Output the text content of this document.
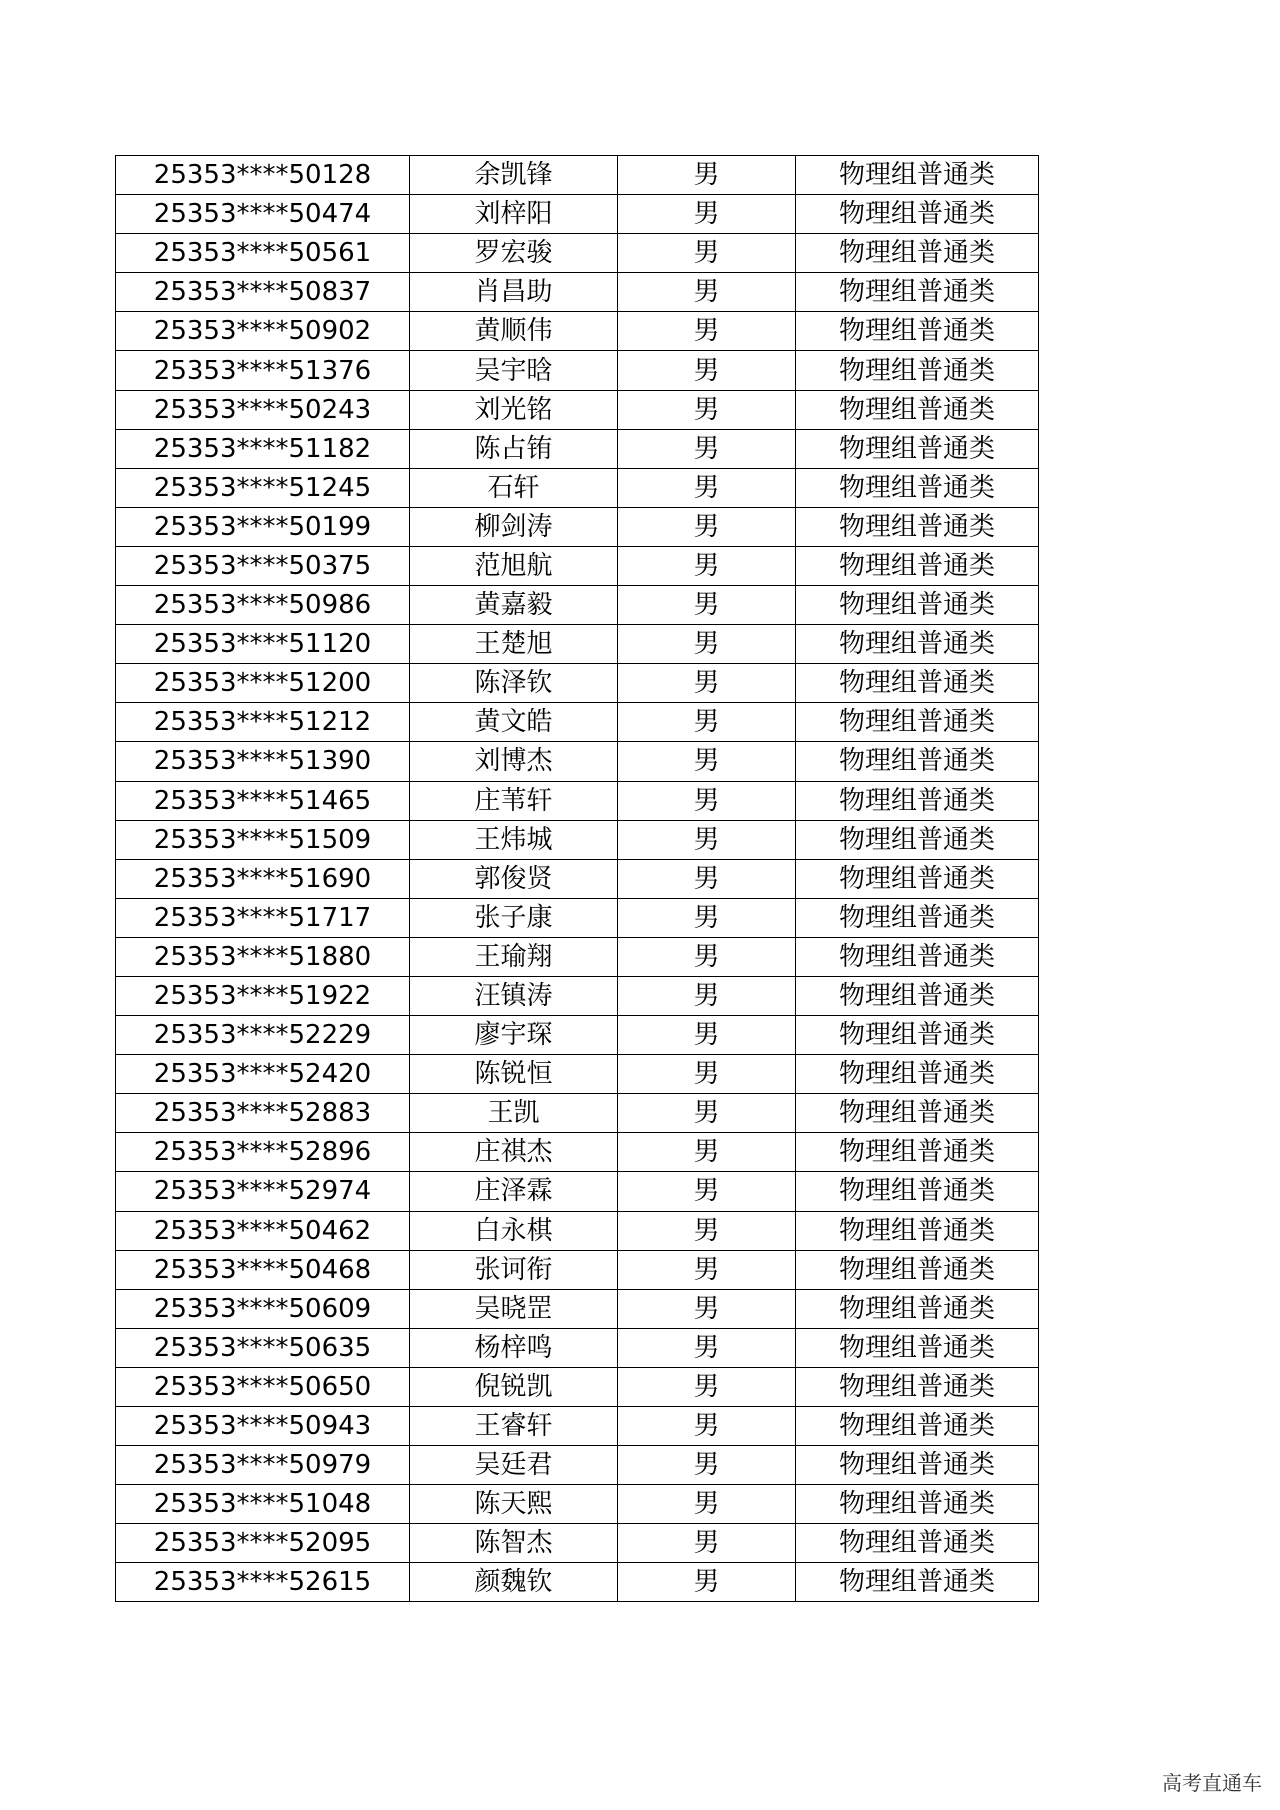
25353****50128	余凯锋	男	物理组普通类
25353****50474	刘梓阳	男	物理组普通类
25353****50561	罗宏骏	男	物理组普通类
25353****50837	肖昌助	男	物理组普通类
25353****50902	黄顺伟	男	物理组普通类
25353****51376	吴宇晗	男	物理组普通类
25353****50243	刘光铭	男	物理组普通类
25353****51182	陈占铕	男	物理组普通类
25353****51245	石轩	男	物理组普通类
25353****50199	柳剑涛	男	物理组普通类
25353****50375	范旭航	男	物理组普通类
25353****50986	黄嘉毅	男	物理组普通类
25353****51120	王楚旭	男	物理组普通类
25353****51200	陈泽钦	男	物理组普通类
25353****51212	黄文皓	男	物理组普通类
25353****51390	刘博杰	男	物理组普通类
25353****51465	庄苇轩	男	物理组普通类
25353****51509	王炜城	男	物理组普通类
25353****51690	郭俊贤	男	物理组普通类
25353****51717	张子康	男	物理组普通类
25353****51880	王瑜翔	男	物理组普通类
25353****51922	汪镇涛	男	物理组普通类
25353****52229	廖宇琛	男	物理组普通类
25353****52420	陈锐恒	男	物理组普通类
25353****52883	王凯	男	物理组普通类
25353****52896	庄祺杰	男	物理组普通类
25353****52974	庄泽霖	男	物理组普通类
25353****50462	白永棋	男	物理组普通类
25353****50468	张诃衔	男	物理组普通类
25353****50609	吴晓罡	男	物理组普通类
25353****50635	杨梓鸣	男	物理组普通类
25353****50650	倪锐凯	男	物理组普通类
25353****50943	王睿轩	男	物理组普通类
25353****50979	吴廷君	男	物理组普通类
25353****51048	陈天熙	男	物理组普通类
25353****52095	陈智杰	男	物理组普通类
25353****52615	颜魏钦	男	物理组普通类
高考直通车
